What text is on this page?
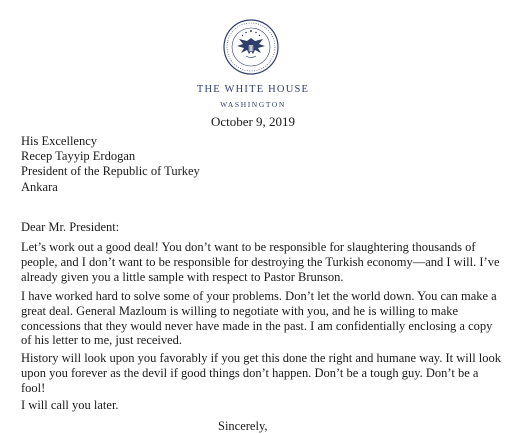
THE WHITE HOUSE
WASHINGTON
October 9, 2019
His Excellency
Recep Tayyip Erdogan
President of the Republic of Turkey
Ankara
Dear Mr. President:
Let’s work out a good deal! You don’t want to be responsible for slaughtering thousands of
people, and I don’t want to be responsible for destroying the Turkish economy—and I will. I’ve
already given you a little sample with respect to Pastor Brunson.
I have worked hard to solve some of your problems. Don’t let the world down. You can make a
great deal. General Mazloum is willing to negotiate with you, and he is willing to make
concessions that they would never have made in the past. I am confidentially enclosing a copy
of his letter to me, just received.
History will look upon you favorably if you get this done the right and humane way. It will look
upon you forever as the devil if good things don’t happen. Don’t be a tough guy. Don’t be a
fool!
I will call you later.
Sincerely,
